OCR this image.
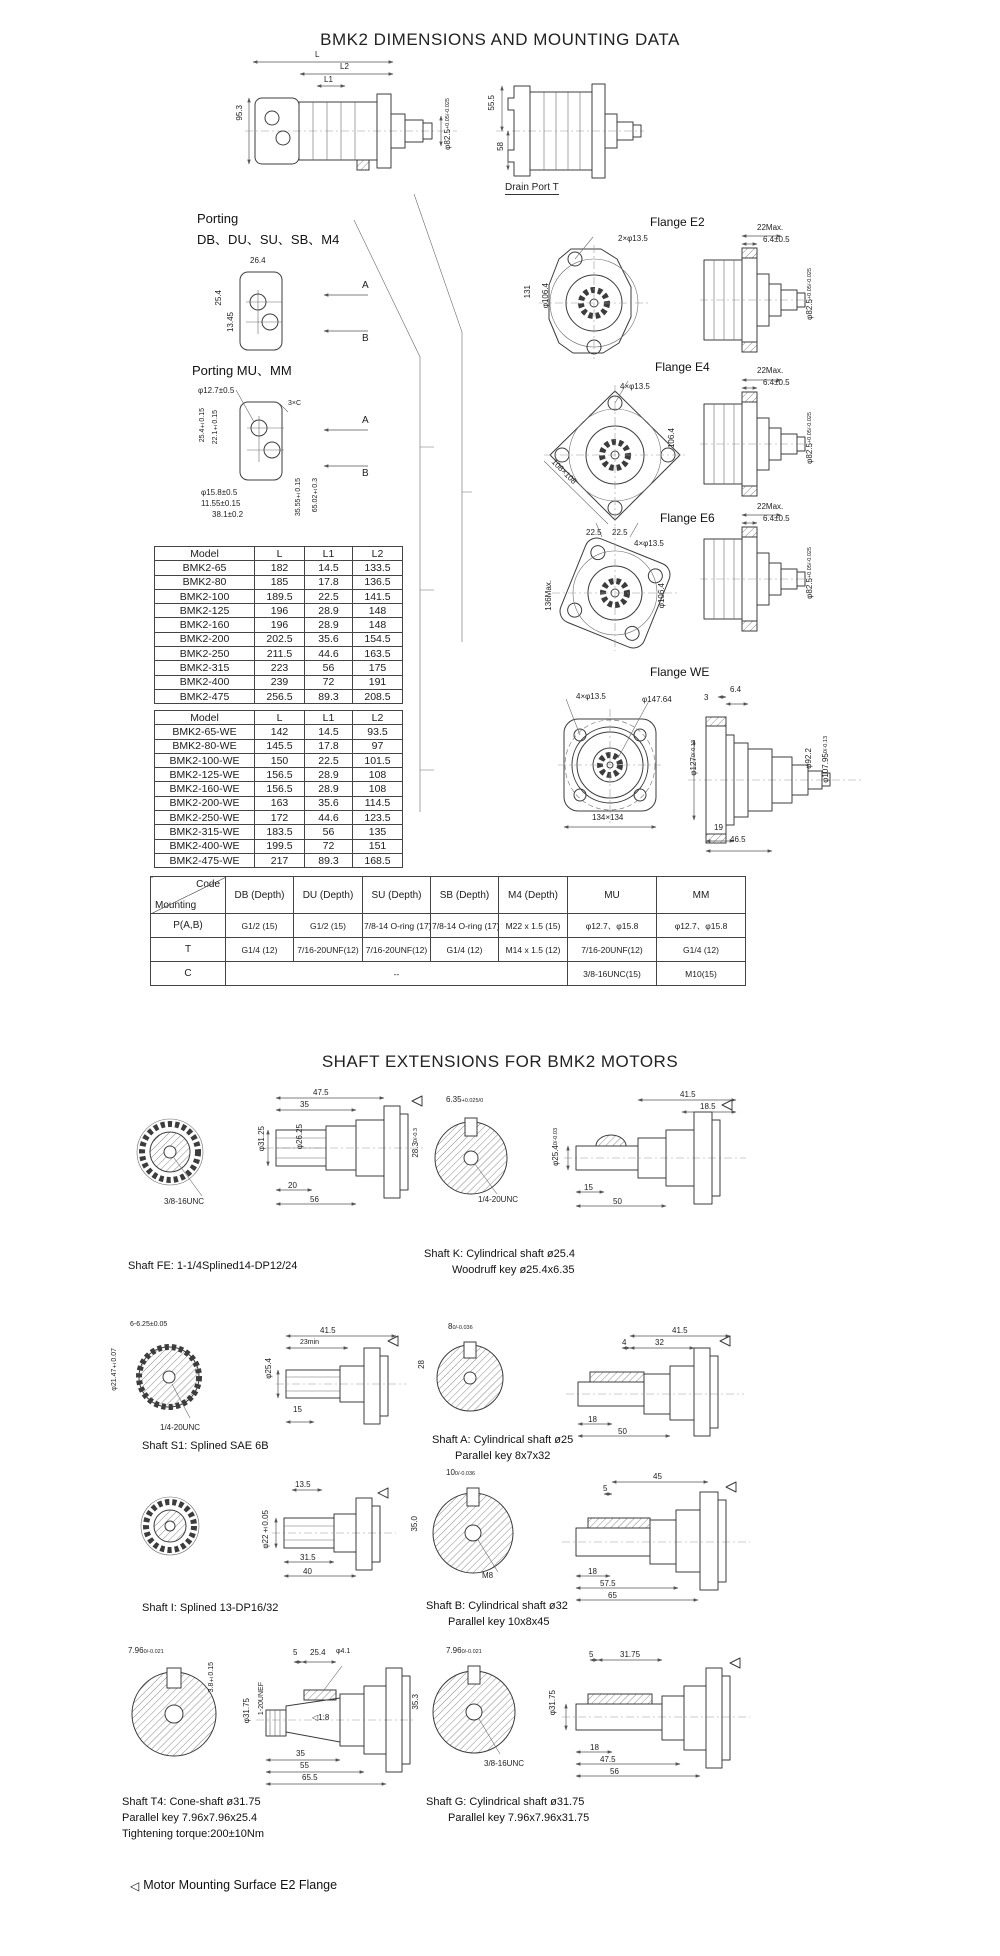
BMK2 DIMENSIONS AND MOUNTING DATA
L
L2
L1
95.3
φ82.5+0.05/-0.025	55.5
58
Drain Port T
Porting
DB、DU、SU、SB、M4
26.4
25.4
13.45
A
B
Porting MU、MM
φ12.7±0.5
3×C
25.4±0.15 22.1±0.15
φ15.8±0.5
11.55±0.15
38.1±0.2	35.55±0.15 65.02±0.3
A
B
Flange E2
2×φ13.5
131 φ106.4
22Max.
6.4±0.5
φ82.5+0.05/-0.025
Flange E4
4×φ13.5
108×108
106.4
22Max.
6.4±0.5
φ82.5+0.05/-0.025
Flange E6
22.5 22.5
4×φ13.5
136Max.	φ106.4
22Max.
6.4±0.5
φ82.5+0.05/-0.025
Flange WE
4×φ13.5	φ147.64
134×134
3
6.4
φ1270/-0.13
19
46.5
φ92.2 φ107.950/-0.13
Model	L	L1	L2
BMK2-65	182	14.5	133.5
BMK2-80	185	17.8	136.5
BMK2-100	189.5	22.5	141.5
BMK2-125	196	28.9	148
BMK2-160	196	28.9	148
BMK2-200	202.5	35.6	154.5
BMK2-250	211.5	44.6	163.5
BMK2-315	223	56	175
BMK2-400	239	72	191
BMK2-475	256.5	89.3	208.5
Model	L	L1	L2
BMK2-65-WE	142	14.5	93.5
BMK2-80-WE	145.5	17.8	97
BMK2-100-WE	150	22.5	101.5
BMK2-125-WE	156.5	28.9	108
BMK2-160-WE	156.5	28.9	108
BMK2-200-WE	163	35.6	114.5
BMK2-250-WE	172	44.6	123.5
BMK2-315-WE	183.5	56	135
BMK2-400-WE	199.5	72	151
BMK2-475-WE	217	89.3	168.5
Code
Mounting	DB (Depth)	DU (Depth)	SU (Depth)	SB (Depth)	M4 (Depth)	MU	MM
P(A,B)	G1/2 (15)	G1/2 (15)	7/8-14 O-ring (17)	7/8-14 O-ring (17)	M22 x 1.5 (15)	φ12.7、φ15.8	φ12.7、φ15.8
T	G1/4 (12)	7/16-20UNF(12)	7/16-20UNF(12)	G1/4 (12)	M14 x 1.5 (12)	7/16-20UNF(12)	G1/4 (12)
C	--					3/8-16UNC(15)	M10(15)
SHAFT EXTENSIONS FOR BMK2 MOTORS
3/8-16UNC
47.5
35
φ31.25	φ26.25
20
56
Shaft FE: 1-1/4Splined14-DP12/24
6.35+0.025/0
28.30/-0.3
1/4-20UNC
41.5
18.5
φ25.40/-0.03
15
50
Shaft K: Cylindrical shaft ø25.4
Woodruff key ø25.4x6.35
6-6.25±0.05
φ21.47±0.07
1/4-20UNC
41.5
23min
φ25.4
15
Shaft S1: Splined SAE 6B
80/-0.036
28
41.5
4	32
18
50
Shaft A: Cylindrical shaft ø25
Parallel key 8x7x32
13.5
φ22±0.05
31.5
40
Shaft I: Splined 13-DP16/32
100/-0.036
35.0
M8
45
5
18
57.5
65
Shaft B: Cylindrical shaft ø32
Parallel key 10x8x45
7.960/-0.021
3.8±0.15
5 25.4 φ4.1
1-20UNEF
φ31.75	◁1:8
35
55
65.5
Shaft T4: Cone-shaft ø31.75
Parallel key 7.96x7.96x25.4
Tightening torque:200±10Nm
7.960/-0.021
35.3
3/8-16UNC
5	31.75
φ31.75
18
47.5
56
Shaft G: Cylindrical shaft ø31.75
Parallel key 7.96x7.96x31.75
◁ Motor Mounting Surface E2 Flange
